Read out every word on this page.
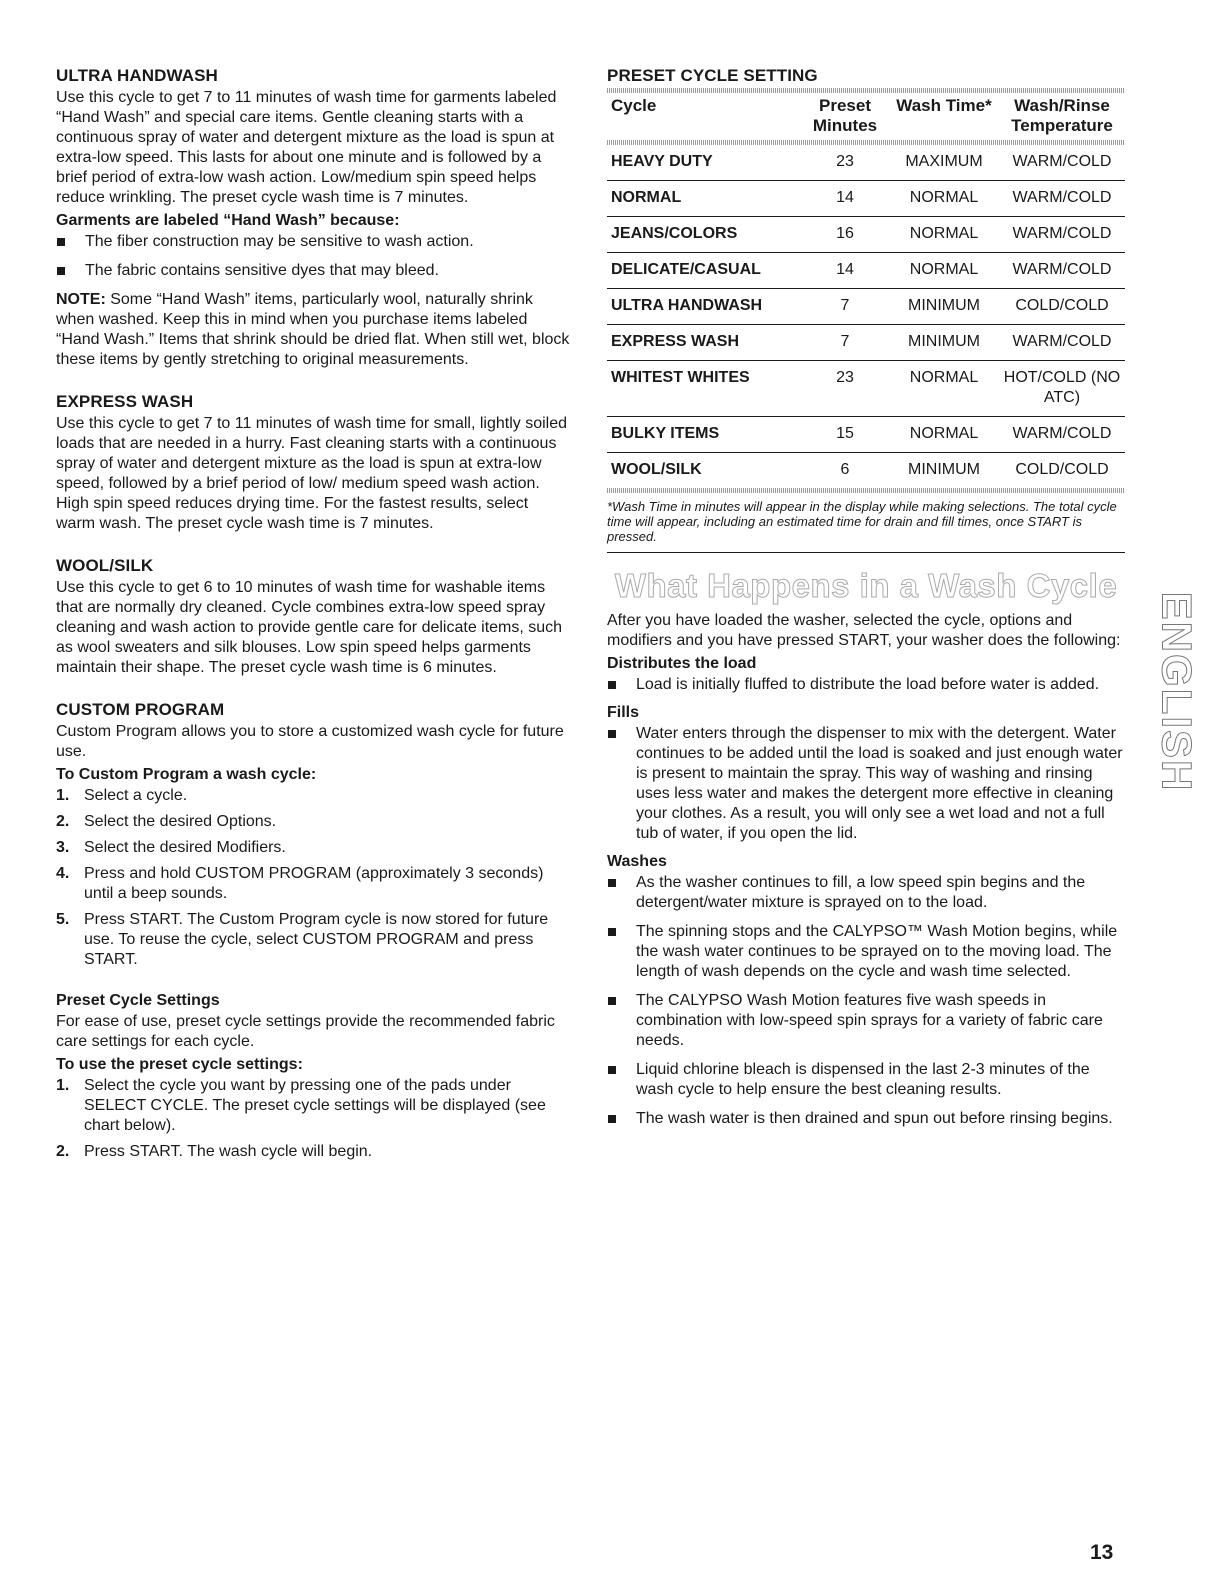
ULTRA HANDWASH

Use this cycle to get 7 to 11 minutes of wash time for garments labeled “Hand Wash” and special care items. Gentle cleaning starts with a continuous spray of water and detergent mixture as the load is spun at extra-low speed. This lasts for about one minute and is followed by a brief period of extra-low wash action. Low/medium spin speed helps reduce wrinkling. The preset cycle wash time is 7 minutes.

Garments are labeled “Hand Wash” because:
The fiber construction may be sensitive to wash action.
The fabric contains sensitive dyes that may bleed.

NOTE: Some “Hand Wash” items, particularly wool, naturally shrink when washed. Keep this in mind when you purchase items labeled “Hand Wash.” Items that shrink should be dried flat. When still wet, block these items by gently stretching to original measurements.

EXPRESS WASH

Use this cycle to get 7 to 11 minutes of wash time for small, lightly soiled loads that are needed in a hurry. Fast cleaning starts with a continuous spray of water and detergent mixture as the load is spun at extra-low speed, followed by a brief period of low/ medium speed wash action. High spin speed reduces drying time. For the fastest results, select warm wash. The preset cycle wash time is 7 minutes.

WOOL/SILK

Use this cycle to get 6 to 10 minutes of wash time for washable items that are normally dry cleaned. Cycle combines extra-low speed spray cleaning and wash action to provide gentle care for delicate items, such as wool sweaters and silk blouses. Low spin speed helps garments maintain their shape. The preset cycle wash time is 6 minutes.

CUSTOM PROGRAM

Custom Program allows you to store a customized wash cycle for future use.

To Custom Program a wash cycle:
1. Select a cycle.
2. Select the desired Options.
3. Select the desired Modifiers.
4. Press and hold CUSTOM PROGRAM (approximately 3 seconds) until a beep sounds.
5. Press START. The Custom Program cycle is now stored for future use. To reuse the cycle, select CUSTOM PROGRAM and press START.
Preset Cycle Settings

For ease of use, preset cycle settings provide the recommended fabric care settings for each cycle.

To use the preset cycle settings:
1. Select the cycle you want by pressing one of the pads under SELECT CYCLE. The preset cycle settings will be displayed (see chart below).
2. Press START. The wash cycle will begin.
PRESET CYCLE SETTING
Cycle	Preset Minutes	Wash Time*	Wash/Rinse Temperature

HEAVY DUTY	23	MAXIMUM	WARM/COLD
NORMAL	14	NORMAL	WARM/COLD
JEANS/COLORS	16	NORMAL	WARM/COLD
DELICATE/CASUAL	14	NORMAL	WARM/COLD
ULTRA HANDWASH	7	MINIMUM	COLD/COLD
EXPRESS WASH	7	MINIMUM	WARM/COLD
WHITEST WHITES	23	NORMAL	HOT/COLD (NO ATC)
BULKY ITEMS	15	NORMAL	WARM/COLD
WOOL/SILK	6	MINIMUM	COLD/COLD

*Wash Time in minutes will appear in the display while making selections. The total cycle time will appear, including an estimated time for drain and fill times, once START is pressed.

What Happens in a Wash Cycle

After you have loaded the washer, selected the cycle, options and modifiers and you have pressed START, your washer does the following:

Distributes the load
Load is initially fluffed to distribute the load before water is added.
Fills
Water enters through the dispenser to mix with the detergent. Water continues to be added until the load is soaked and just enough water is present to maintain the spray. This way of washing and rinsing uses less water and makes the detergent more effective in cleaning your clothes. As a result, you will only see a wet load and not a full tub of water, if you open the lid.
Washes
As the washer continues to fill, a low speed spin begins and the detergent/water mixture is sprayed on to the load.
The spinning stops and the CALYPSO™ Wash Motion begins, while the wash water continues to be sprayed on to the moving load. The length of wash depends on the cycle and wash time selected.
The CALYPSO Wash Motion features five wash speeds in combination with low-speed spin sprays for a variety of fabric care needs.
Liquid chlorine bleach is dispensed in the last 2-3 minutes of the wash cycle to help ensure the best cleaning results.
The wash water is then drained and spun out before rinsing begins.
ENGLISH
13
